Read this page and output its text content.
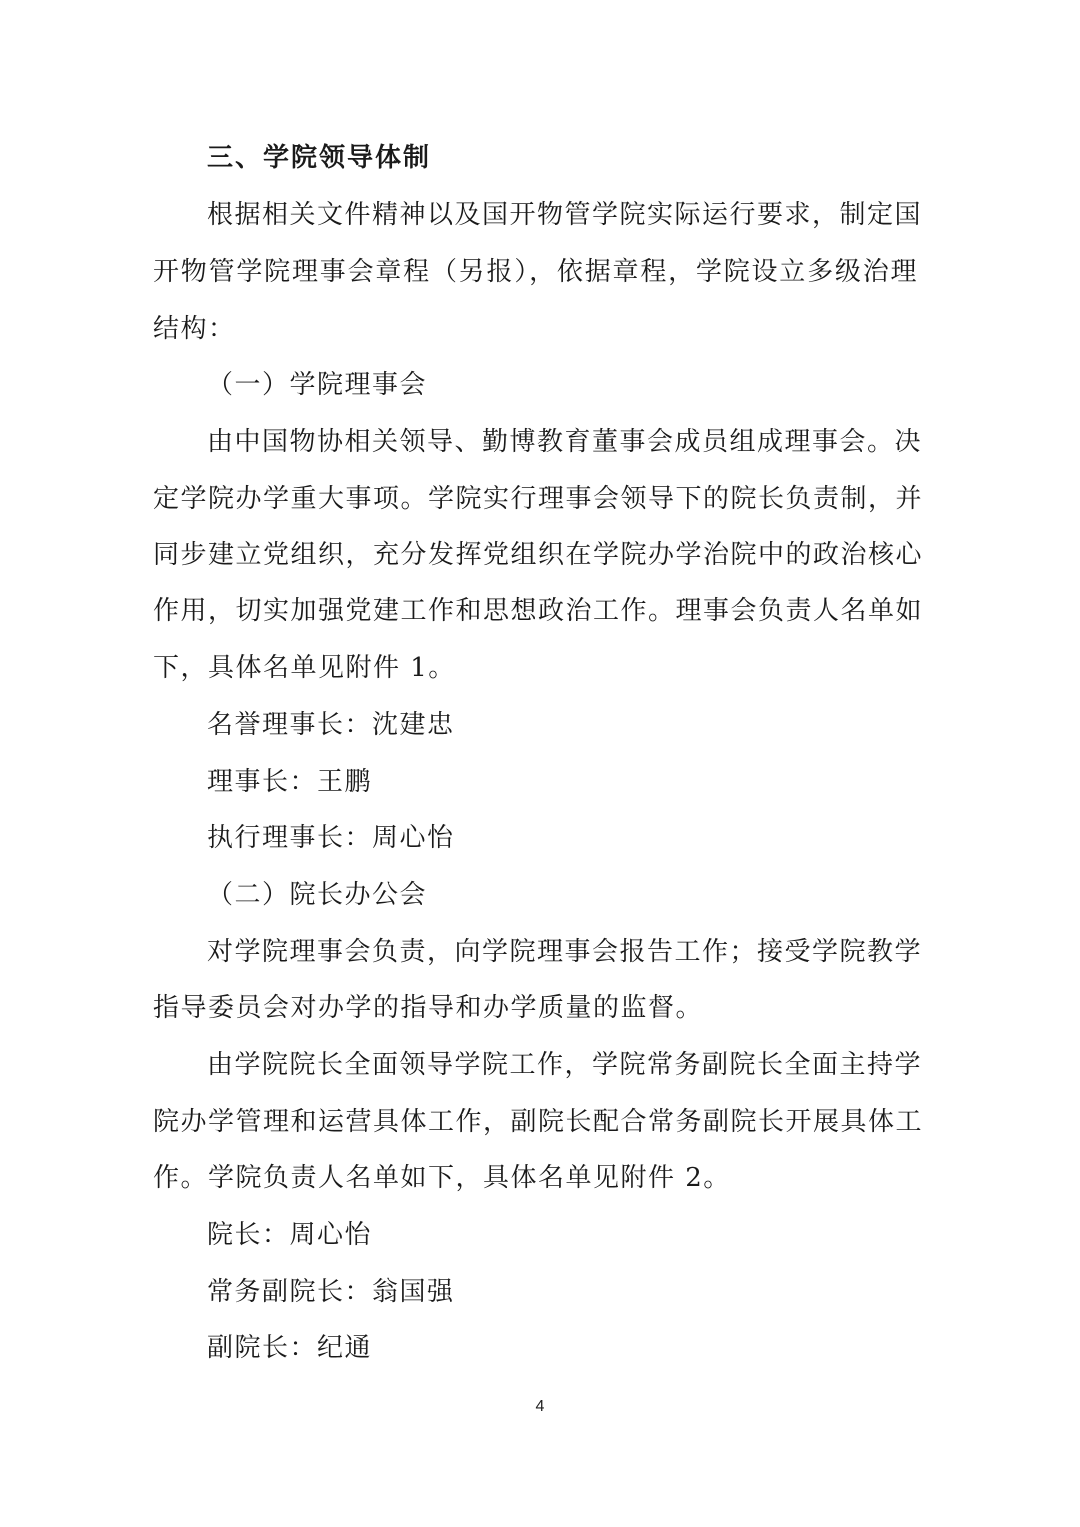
三、学院领导体制
根据相关文件精神以及国开物管学院实际运行要求，制定国
开物管学院理事会章程（另报），依据章程，学院设立多级治理
结构：
（一）学院理事会
由中国物协相关领导、勤博教育董事会成员组成理事会。决
定学院办学重大事项。学院实行理事会领导下的院长负责制，并
同步建立党组织，充分发挥党组织在学院办学治院中的政治核心
作用，切实加强党建工作和思想政治工作。理事会负责人名单如
下，具体名单见附件 1。
名誉理事长：沈建忠
理事长：王鹏
执行理事长：周心怡
（二）院长办公会
对学院理事会负责，向学院理事会报告工作；接受学院教学
指导委员会对办学的指导和办学质量的监督。
由学院院长全面领导学院工作，学院常务副院长全面主持学
院办学管理和运营具体工作，副院长配合常务副院长开展具体工
作。学院负责人名单如下，具体名单见附件 2。
院长：周心怡
常务副院长：翁国强
副院长：纪通
4
